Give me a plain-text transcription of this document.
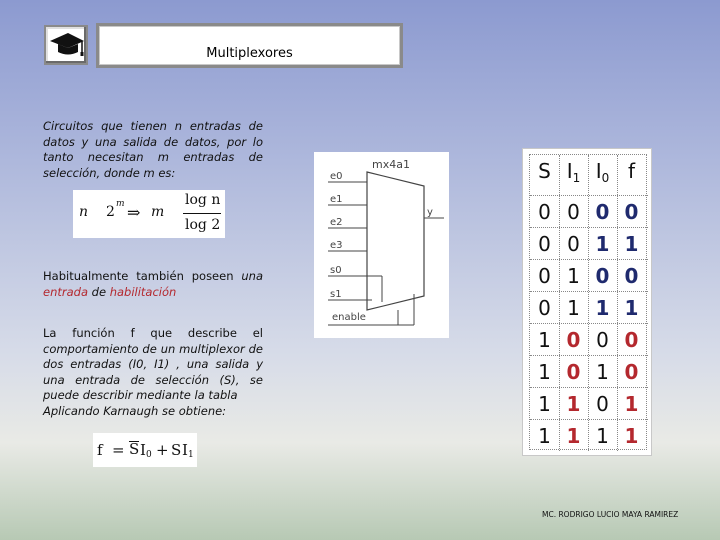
Multiplexores

Circuitos que tienen n entradas de datos y una salida de datos, por lo tanto necesitan m entradas de selección, donde m es:

n 2 m ⇒ m
log n
log 2

Habitualmente también poseen una entrada de habilitación

La función f que describe el comportamiento de un multiplexor de dos entradas (I0, I1) , una salida y una entrada de selección (S), se puede describir mediante la tabla
Aplicando Karnaugh se obtiene:

f = S I 0 + S I 1
mx4a1
e0
e1
e2
e3
s0
s1
enable
y
S $I_1$ $I_0$ f
0 0 0 0
0 0 1 1
0 1 0 0
0 1 1 1
1 0 0 0
1 0 1 0
1 1 0 1
1 1 1 1
MC. RODRIGO LUCIO MAYA RAMIREZ
